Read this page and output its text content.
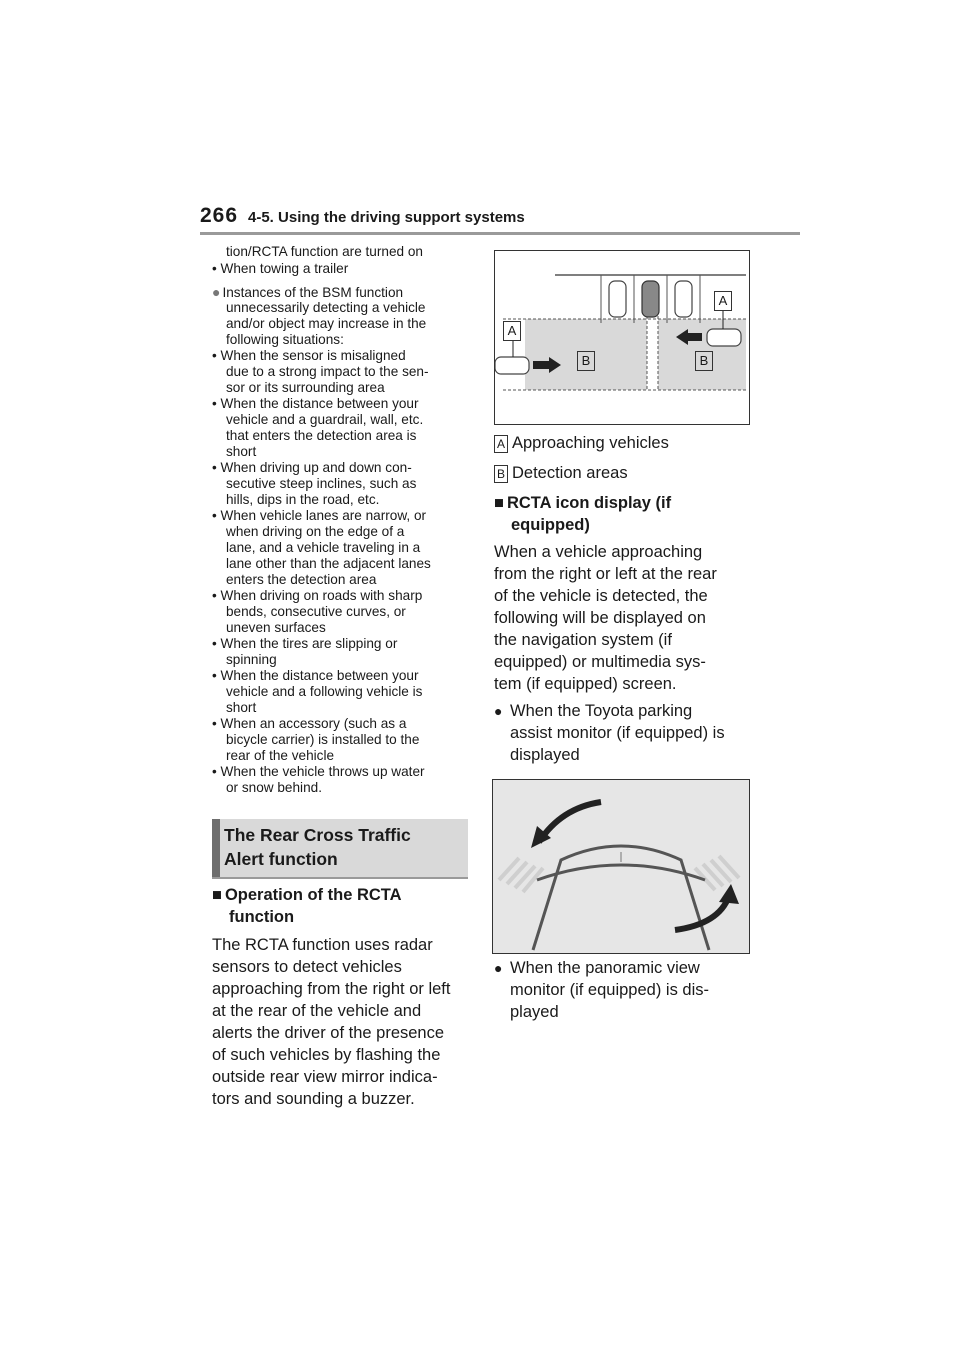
266 4-5. Using the driving support systems
● Instances of the BSM function
tion/RCTA function are turned on
• When towing a trailer
unnecessarily detecting a vehicle
and/or object may increase in the
following situations:
• When the sensor is misaligned
due to a strong impact to the sen-
sor or its surrounding area
• When the distance between your
vehicle and a guardrail, wall, etc.
that enters the detection area is
short
• When driving up and down con-
secutive steep inclines, such as
hills, dips in the road, etc.
• When vehicle lanes are narrow, or
when driving on the edge of a
lane, and a vehicle traveling in a
lane other than the adjacent lanes
enters the detection area
• When driving on roads with sharp
bends, consecutive curves, or
uneven surfaces
• When the tires are slipping or
spinning
• When the distance between your
vehicle and a following vehicle is
short
• When an accessory (such as a
bicycle carrier) is installed to the
rear of the vehicle
• When the vehicle throws up water
or snow behind.
The Rear Cross Traffic
Alert function
■ Operation of the RCTA
function
The RCTA function uses radar
sensors to detect vehicles
approaching from the right or left
at the rear of the vehicle and
alerts the driver of the presence
of such vehicles by flashing the
outside rear view mirror indica-
tors and sounding a buzzer.
A
A
B	B
A Approaching vehicles
B Detection areas
■ RCTA icon display (if
equipped)
When a vehicle approaching
from the right or left at the rear
of the vehicle is detected, the
following will be displayed on
the navigation system (if
equipped) or multimedia sys-
tem (if equipped) screen.
● When the Toyota parking
assist monitor (if equipped) is
displayed
● When the panoramic view
monitor (if equipped) is dis-
played
